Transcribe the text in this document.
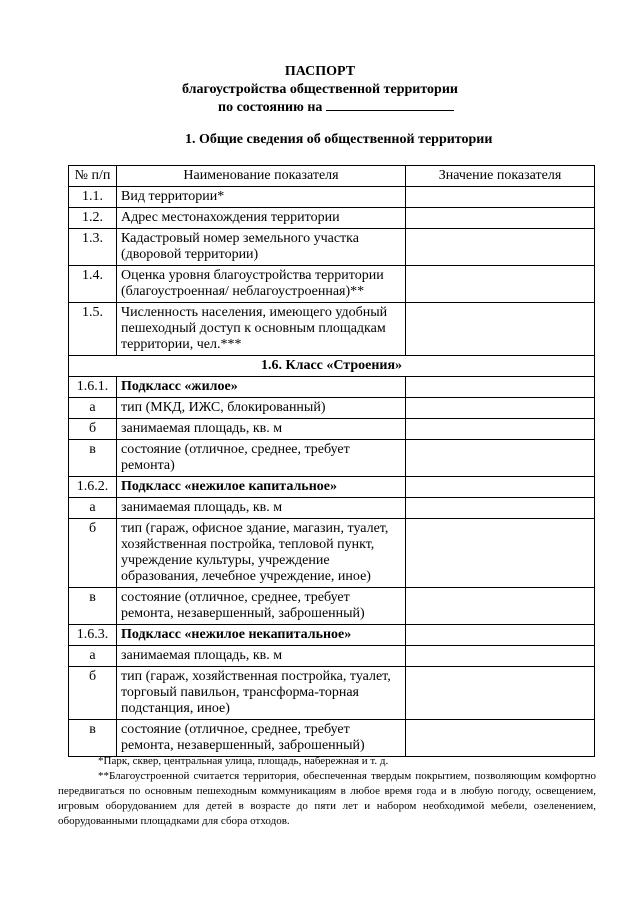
ПАСПОРТ
благоустройства общественной территории
по состоянию на
1. Общие сведения об общественной территории
№ п/п	Наименование показателя	Значение показателя
1.1.	Вид территории*	
1.2.	Адрес местонахождения территории	
1.3.	Кадастровый номер земельного участка (дворовой территории)	
1.4.	Оценка уровня благоустройства территории (благоустроенная/ неблагоустроенная)**	
1.5.	Численность населения, имеющего удобный пешеходный доступ к основным площадкам территории, чел.***	
1.6. Класс «Строения»		
1.6.1.	Подкласс «жилое»	
а	тип (МКД, ИЖС, блокированный)	
б	занимаемая площадь, кв. м	
в	состояние (отличное, среднее, требует ремонта)	
1.6.2.	Подкласс «нежилое капитальное»	
а	занимаемая площадь, кв. м	
б	тип (гараж, офисное здание, магазин, туалет, хозяйственная постройка, тепловой пункт, учреждение культуры, учреждение образования, лечебное учреждение, иное)	
в	состояние (отличное, среднее, требует ремонта, незавершенный, заброшенный)	
1.6.3.	Подкласс «нежилое некапитальное»	
а	занимаемая площадь, кв. м	
б	тип (гараж, хозяйственная постройка, туалет, торговый павильон, трансформа-торная подстанция, иное)	
в	состояние (отличное, среднее, требует ремонта, незавершенный, заброшенный)	

*Парк, сквер, центральная улица, площадь, набережная и т. д.

**Благоустроенной считается территория, обеспеченная твердым покрытием, позволяющим комфортно передвигаться по основным пешеходным коммуникациям в любое время года и в любую погоду, освещением, игровым оборудованием для детей в возрасте до пяти лет и набором необходимой мебели, озеленением, оборудованными площадками для сбора отходов.
